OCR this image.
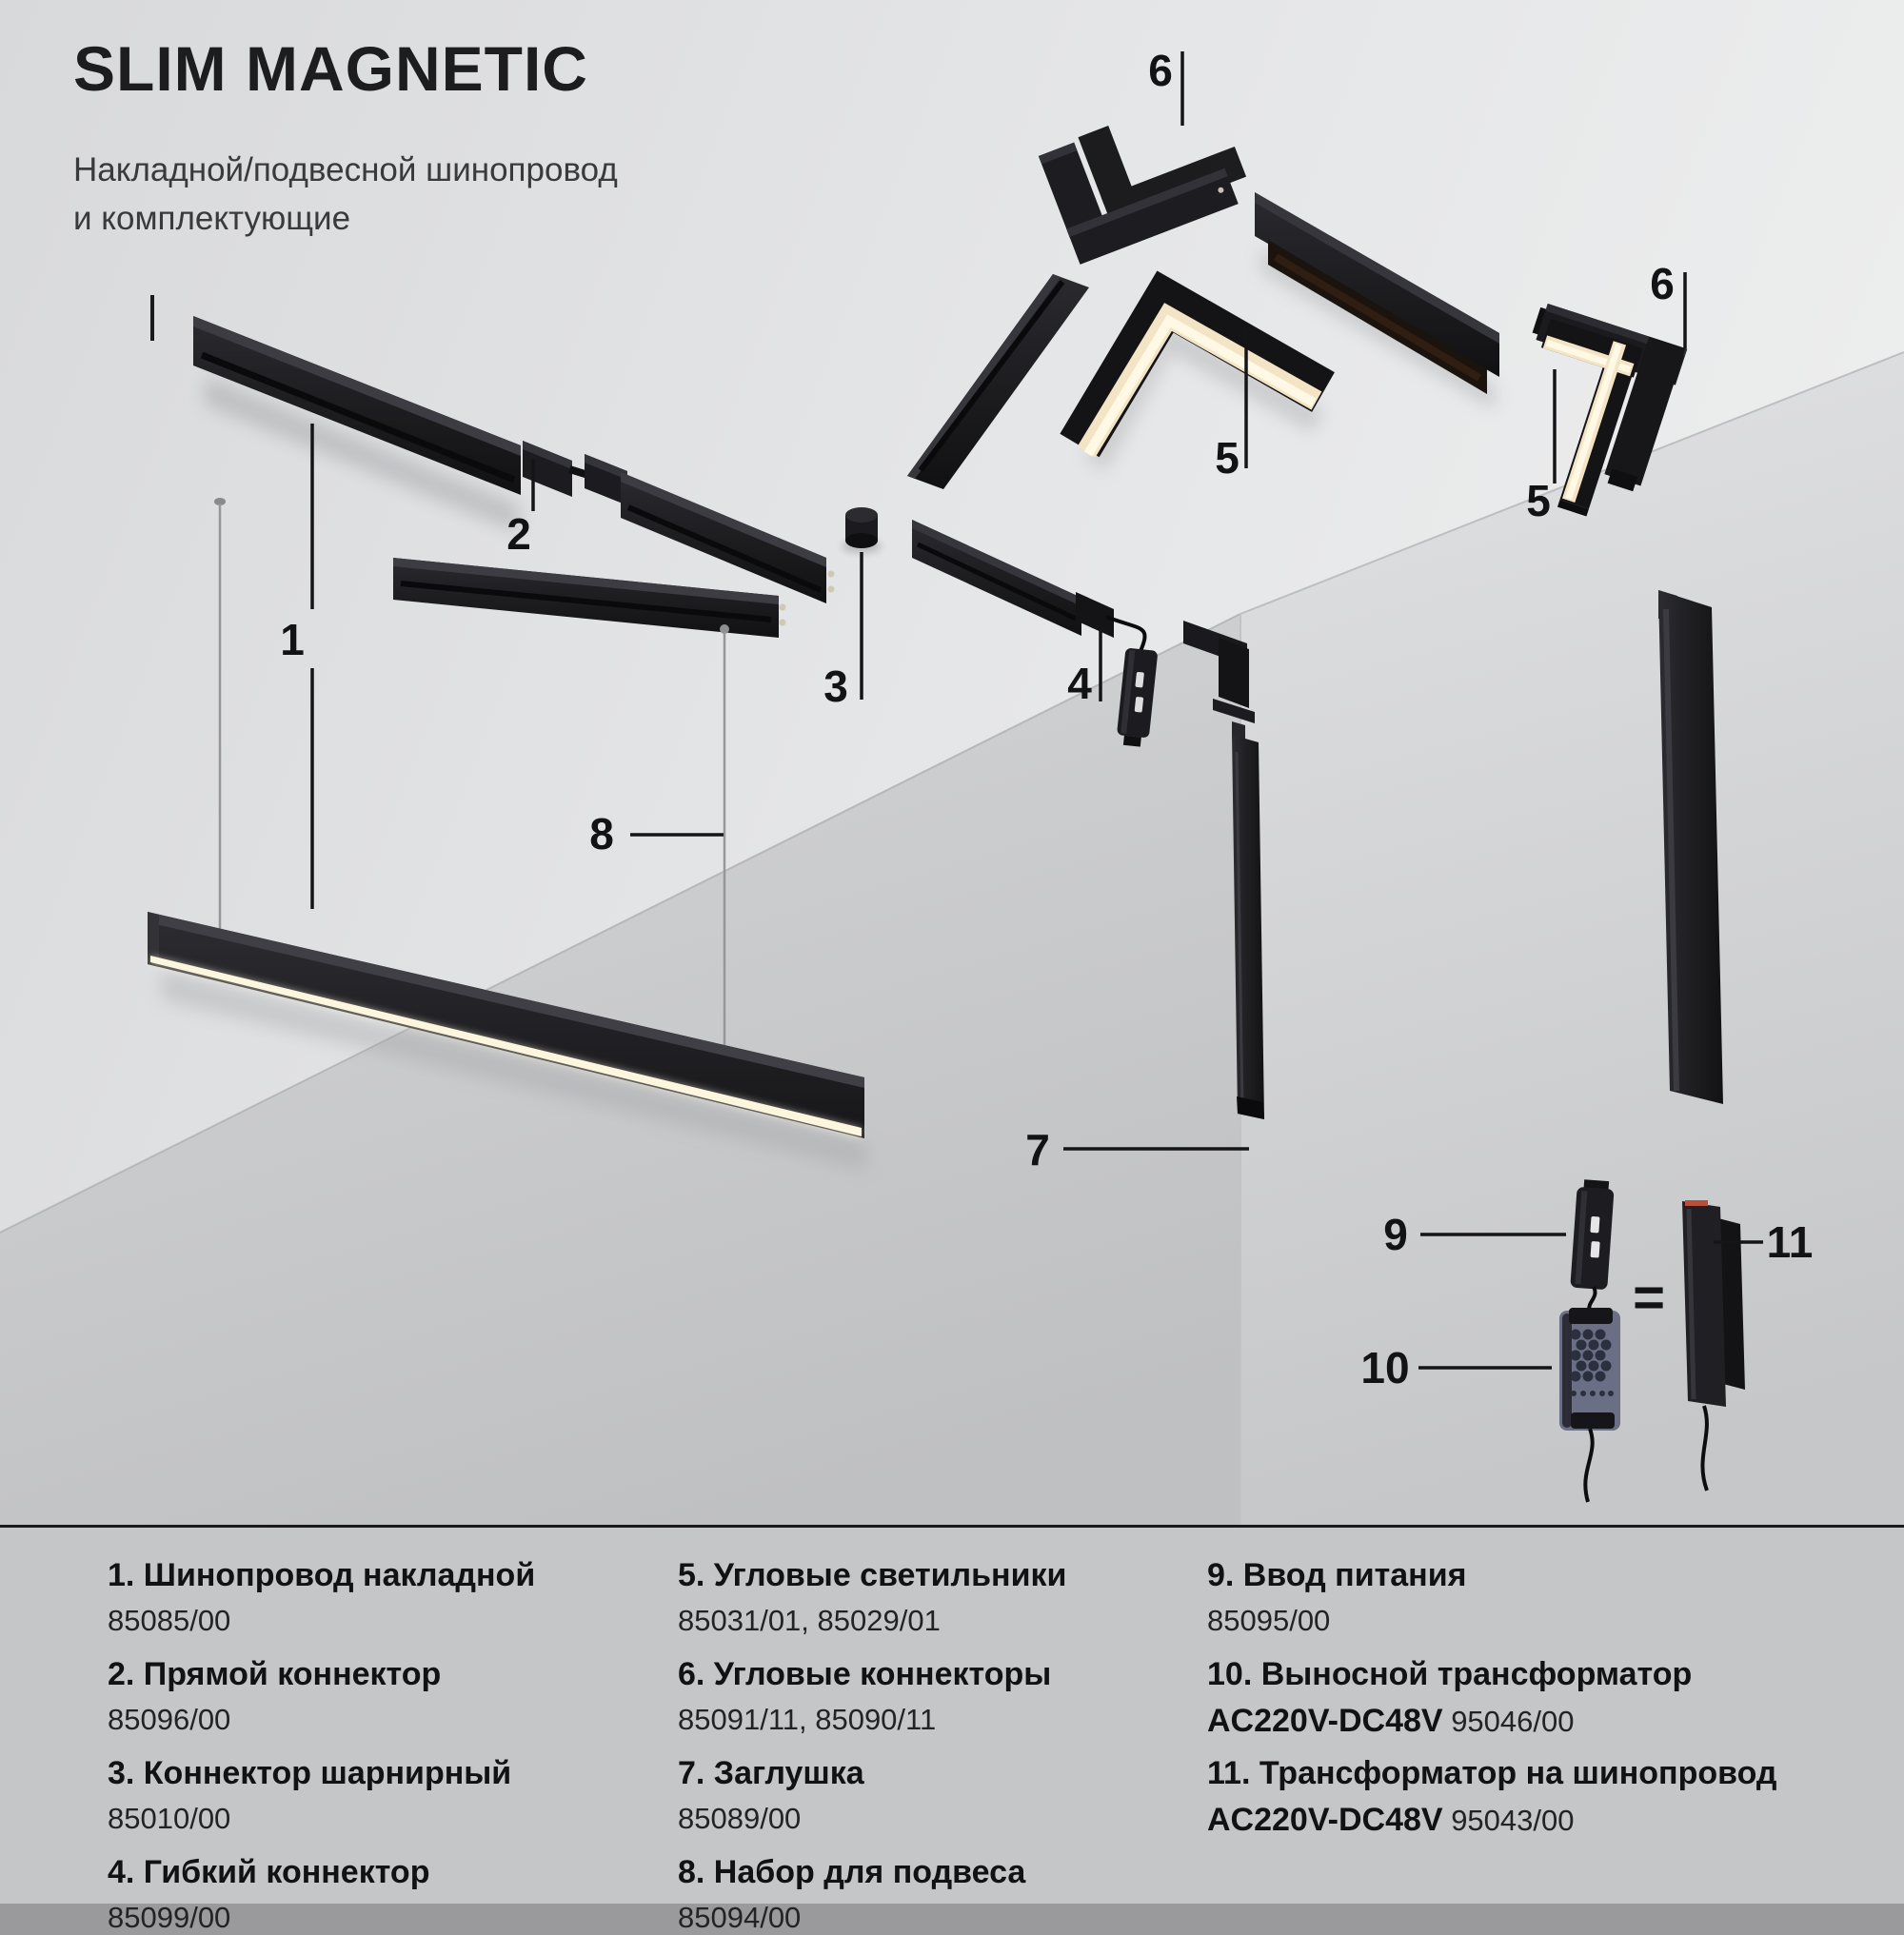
1
2
3	4
5
5
6
6
7
8
9
10
11
=
SLIM MAGNETIC
Накладной/подвесной шинопровод
и комплектующие
1. Шинопровод накладной
85085/00
2. Прямой коннектор
85096/00
3. Коннектор шарнирный
85010/00
4. Гибкий коннектор
85099/00
5. Угловые светильники
85031/01, 85029/01
6. Угловые коннекторы
85091/11, 85090/11
7. Заглушка
85089/00
8. Набор для подвеса
85094/00
9. Ввод питания
85095/00
10. Выносной трансформатор
AC220V-DC48V 95046/00
11. Трансформатор на шинопровод
AC220V-DC48V 95043/00
